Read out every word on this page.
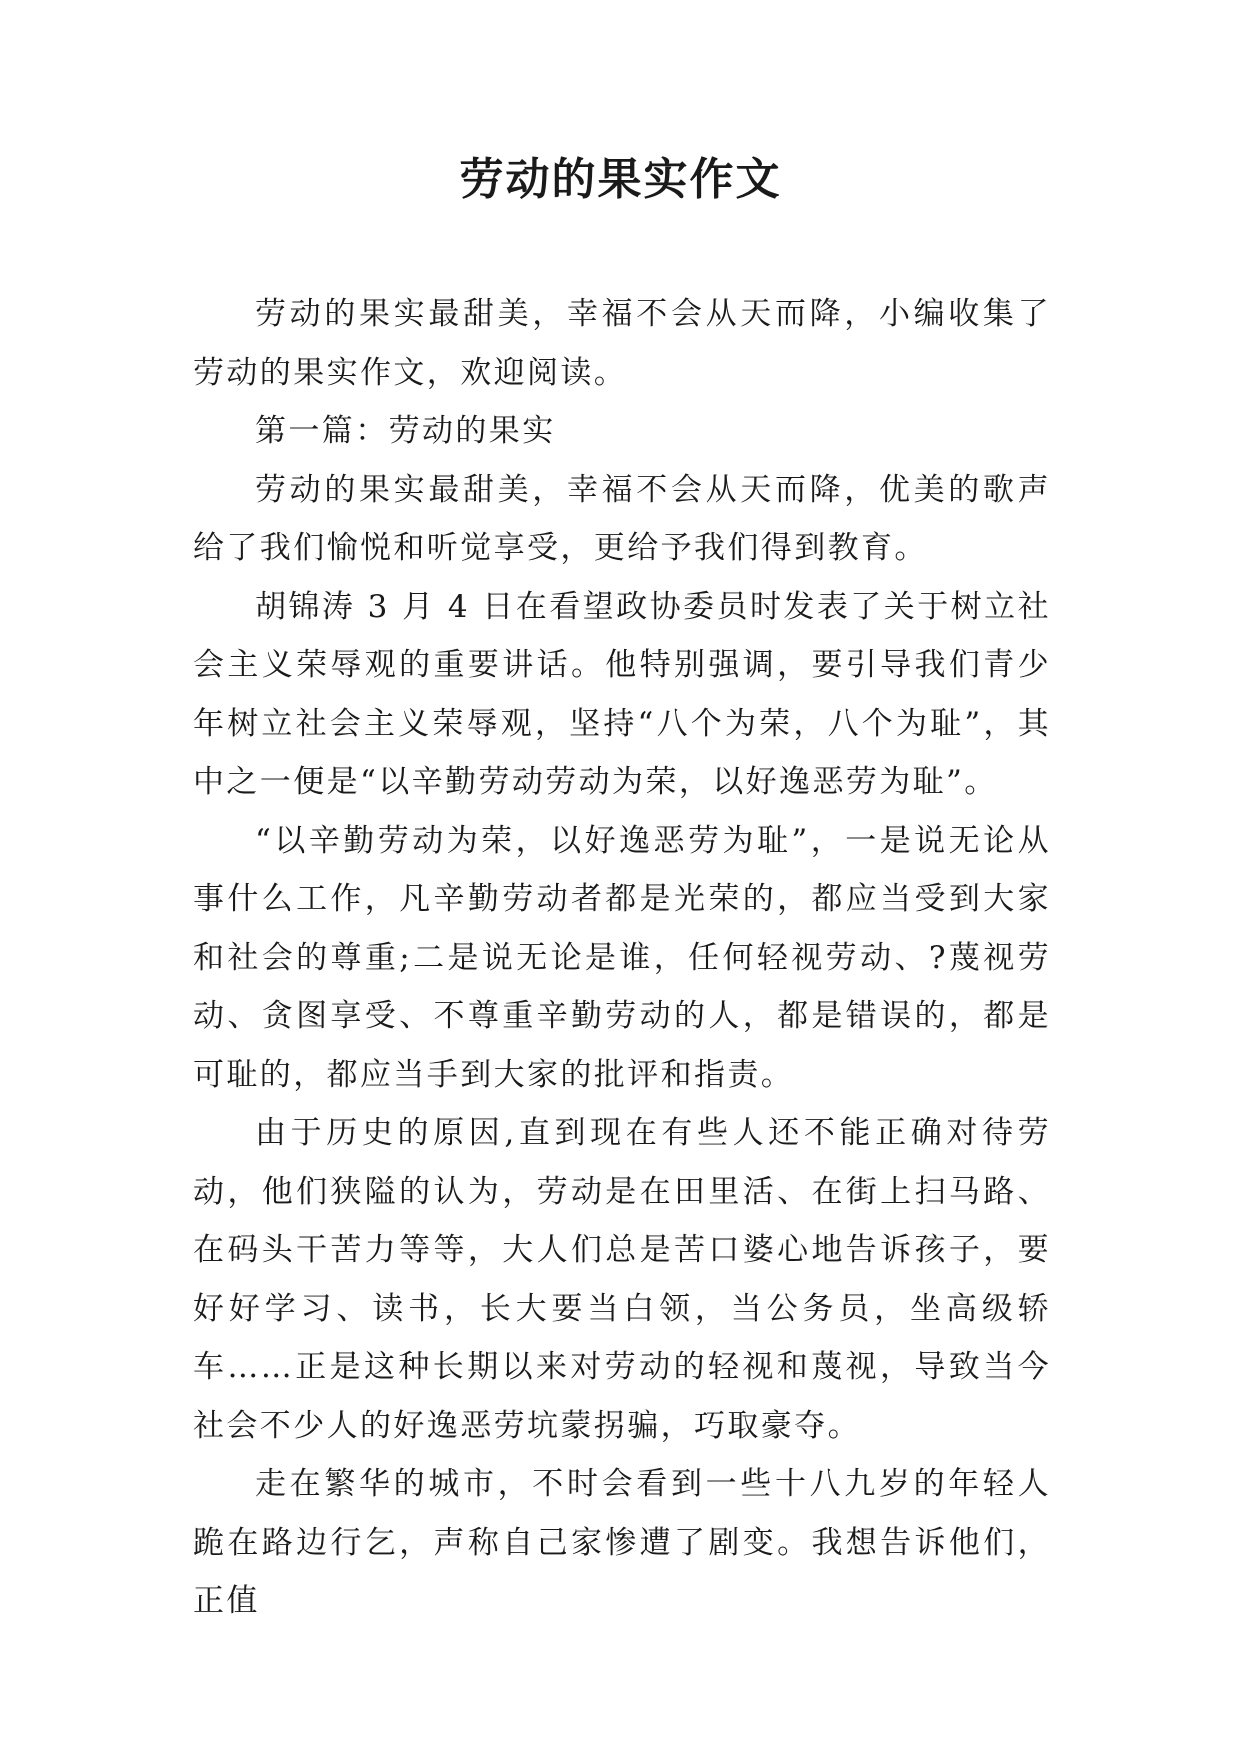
劳动的果实作文

劳动的果实最甜美，幸福不会从天而降，小编收集了劳动的果实作文，欢迎阅读。

第一篇：劳动的果实

劳动的果实最甜美，幸福不会从天而降，优美的歌声给了我们愉悦和听觉享受，更给予我们得到教育。

胡锦涛 3 月 4 日在看望政协委员时发表了关于树立社会主义荣辱观的重要讲话。他特别强调，要引导我们青少年树立社会主义荣辱观，坚持“八个为荣，八个为耻”，其中之一便是“以辛勤劳动劳动为荣，以好逸恶劳为耻”。

“以辛勤劳动为荣，以好逸恶劳为耻”，一是说无论从事什么工作，凡辛勤劳动者都是光荣的，都应当受到大家和社会的尊重;二是说无论是谁，任何轻视劳动、?蔑视劳动、贪图享受、不尊重辛勤劳动的人，都是错误的，都是可耻的，都应当手到大家的批评和指责。

由于历史的原因,直到现在有些人还不能正确对待劳动，他们狭隘的认为，劳动是在田里活、在街上扫马路、在码头干苦力等等，大人们总是苦口婆心地告诉孩子，要好好学习、读书，长大要当白领，当公务员，坐高级轿车……正是这种长期以来对劳动的轻视和蔑视，导致当今社会不少人的好逸恶劳坑蒙拐骗，巧取豪夺。

走在繁华的城市，不时会看到一些十八九岁的年轻人跪在路边行乞，声称自己家惨遭了剧变。我想告诉他们，正值
